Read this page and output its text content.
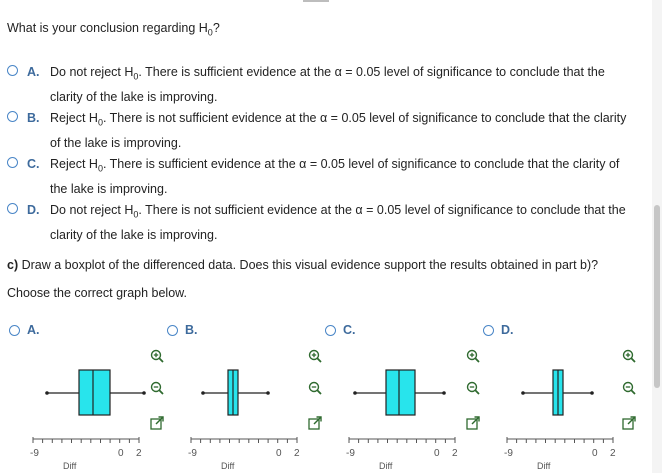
What is your conclusion regarding $H_0$?
A. Do not reject $H_0$. There is sufficient evidence at the α = 0.05 level of significance to conclude that the clarity of the lake is improving.
B. Reject $H_0$. There is not sufficient evidence at the α = 0.05 level of significance to conclude that the clarity of the lake is improving.
C. Reject $H_0$. There is sufficient evidence at the α = 0.05 level of significance to conclude that the clarity of the lake is improving.
D. Do not reject $H_0$. There is not sufficient evidence at the α = 0.05 level of significance to conclude that the clarity of the lake is improving.
c) Draw a boxplot of the differenced data. Does this visual evidence support the results obtained in part b)?
Choose the correct graph below.
A.
-9	0 2
Diff
B.
-9	0 2
Diff
C.
-9	0 2
Diff
D.
-9	0 2
Diff
